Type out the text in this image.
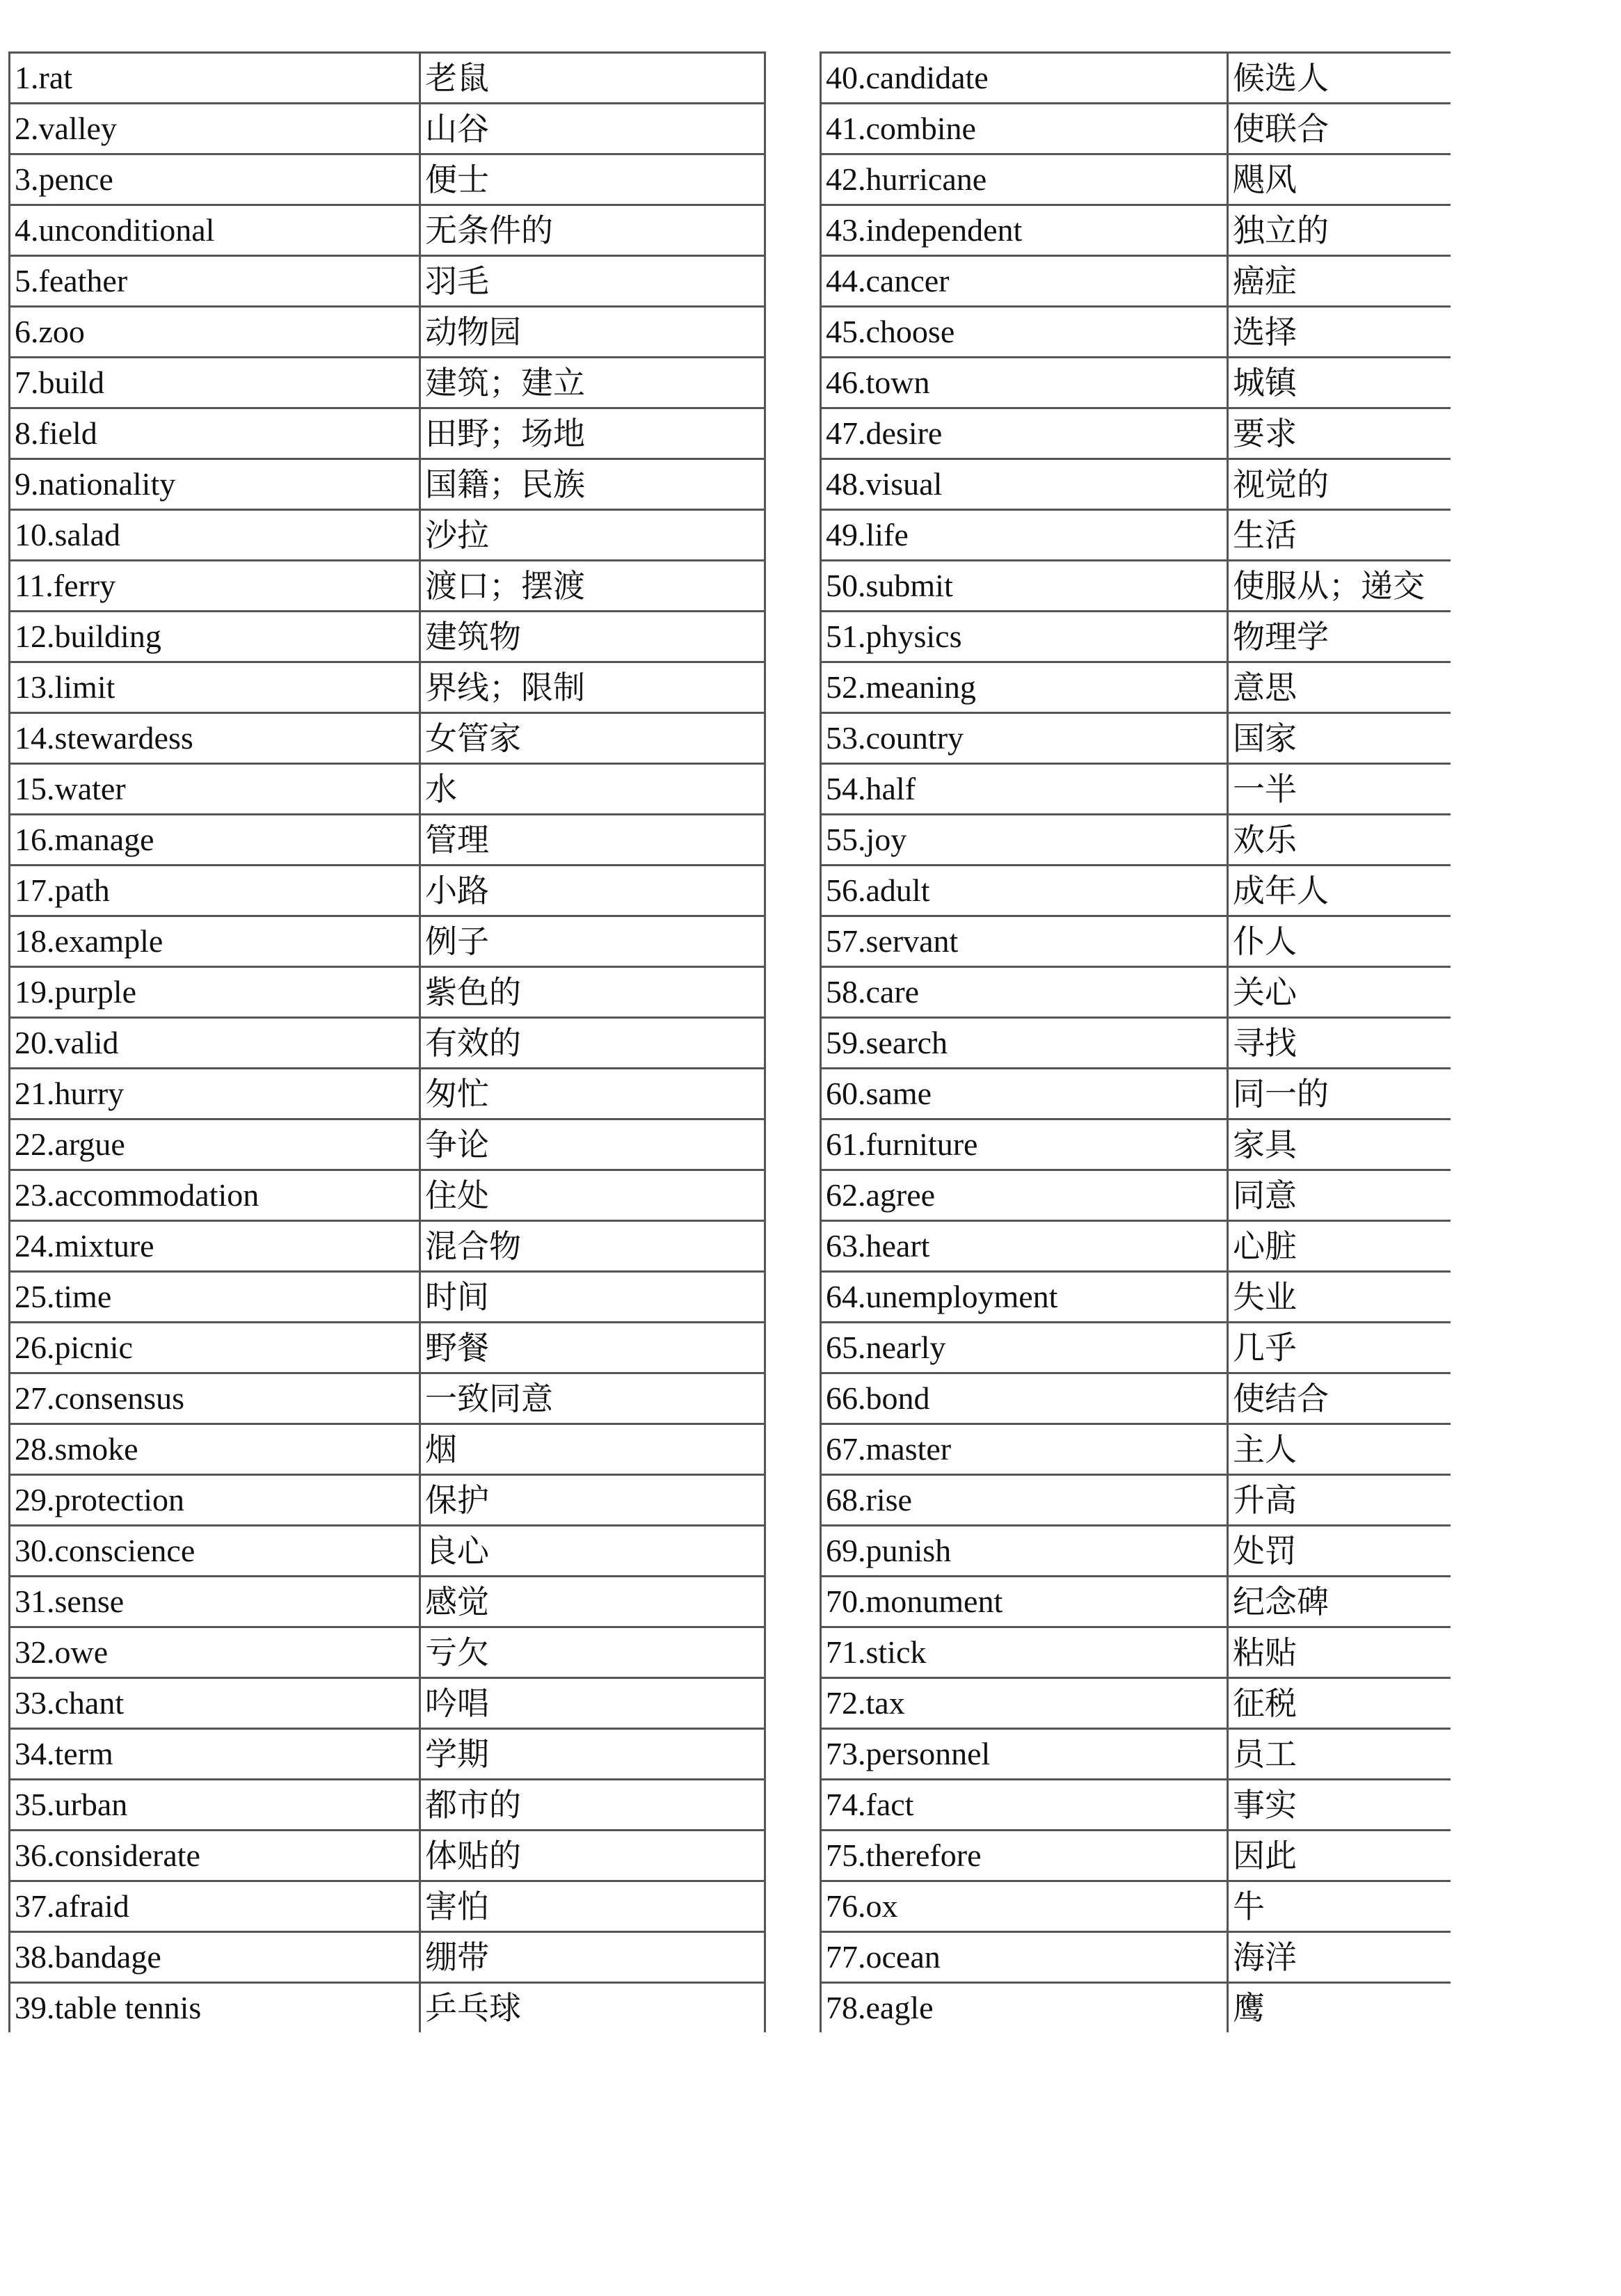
1.rat	老鼠
2.valley	山谷
3.pence	便士
4.unconditional	无条件的
5.feather	羽毛
6.zoo	动物园
7.build	建筑；建立
8.field	田野；场地
9.nationality	国籍；民族
10.salad	沙拉
11.ferry	渡口；摆渡
12.building	建筑物
13.limit	界线；限制
14.stewardess	女管家
15.water	水
16.manage	管理
17.path	小路
18.example	例子
19.purple	紫色的
20.valid	有效的
21.hurry	匆忙
22.argue	争论
23.accommodation	住处
24.mixture	混合物
25.time	时间
26.picnic	野餐
27.consensus	一致同意
28.smoke	烟
29.protection	保护
30.conscience	良心
31.sense	感觉
32.owe	亏欠
33.chant	吟唱
34.term	学期
35.urban	都市的
36.considerate	体贴的
37.afraid	害怕
38.bandage	绷带
39.table tennis	乒乓球
40.candidate	候选人
41.combine	使联合
42.hurricane	飓风
43.independent	独立的
44.cancer	癌症
45.choose	选择
46.town	城镇
47.desire	要求
48.visual	视觉的
49.life	生活
50.submit	使服从；递交
51.physics	物理学
52.meaning	意思
53.country	国家
54.half	一半
55.joy	欢乐
56.adult	成年人
57.servant	仆人
58.care	关心
59.search	寻找
60.same	同一的
61.furniture	家具
62.agree	同意
63.heart	心脏
64.unemployment	失业
65.nearly	几乎
66.bond	使结合
67.master	主人
68.rise	升高
69.punish	处罚
70.monument	纪念碑
71.stick	粘贴
72.tax	征税
73.personnel	员工
74.fact	事实
75.therefore	因此
76.ox	牛
77.ocean	海洋
78.eagle	鹰
